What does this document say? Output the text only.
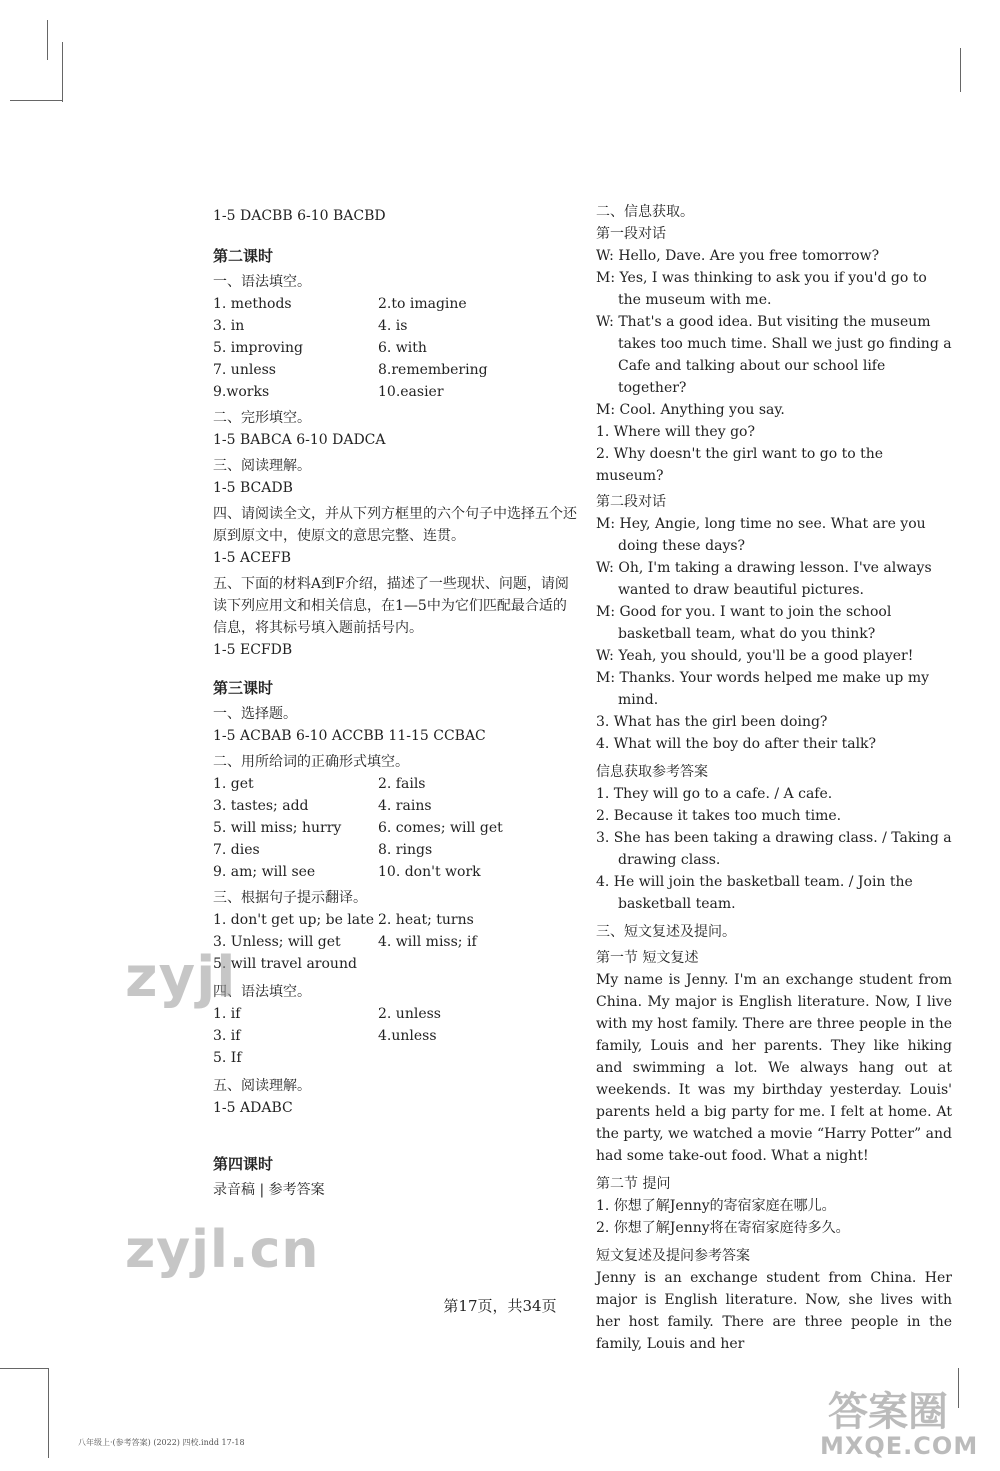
1-5 DACBB 6-10 BACBD

第二课时

一、语法填空。

1. methods	2.to imagine
3. in	4. is
5. improving	6. with
7. unless	8.remembering
9.works	10.easier

二、完形填空。

1-5 BABCA 6-10 DADCA

三、阅读理解。

1-5 BCADB

四、请阅读全文，并从下列方框里的六个句子中选择五个还原到原文中，使原文的意思完整、连贯。

1-5 ACEFB

五、下面的材料A到F介绍，描述了一些现状、问题，请阅读下列应用文和相关信息，在1—5中为它们匹配最合适的信息，将其标号填入题前括号内。

1-5 ECFDB

第三课时

一、选择题。

1-5 ACBAB 6-10 ACCBB 11-15 CCBAC

二、用所给词的正确形式填空。

1. get	2. fails
3. tastes; add	4. rains
5. will miss; hurry	6. comes; will get
7. dies	8. rings
9. am; will see	10. don't work

三、根据句子提示翻译。

1. don't get up; be late 2. heat; turns
3. Unless; will get	4. will miss; if
5. will travel around

四、语法填空。

1. if	2. unless
3. if	4.unless
5. If

五、阅读理解。

1-5 ADABC

第四课时

录音稿 | 参考答案

二、信息获取。

第一段对话

W: Hello, Dave. Are you free tomorrow?

M: Yes, I was thinking to ask you if you'd go to the museum with me.

W: That's a good idea. But visiting the museum takes too much time. Shall we just go finding a Cafe and talking about our school life together?

M: Cool. Anything you say.

1. Where will they go?

2. Why doesn't the girl want to go to the museum?

第二段对话

M: Hey, Angie, long time no see. What are you doing these days?

W: Oh, I'm taking a drawing lesson. I've always wanted to draw beautiful pictures.

M: Good for you. I want to join the school basketball team, what do you think?

W: Yeah, you should, you'll be a good player!

M: Thanks. Your words helped me make up my mind.

3. What has the girl been doing?

4. What will the boy do after their talk?

信息获取参考答案

1. They will go to a cafe. / A cafe.

2. Because it takes too much time.

3. She has been taking a drawing class. / Taking a drawing class.

4. He will join the basketball team. / Join the basketball team.

三、短文复述及提问。

第一节 短文复述

My name is Jenny. I'm an exchange student from China. My major is English literature. Now, I live with my host family. There are three people in the family, Louis and her parents. They like hiking and swimming a lot. We always hang out at weekends. It was my birthday yesterday. Louis' parents held a big party for me. I felt at home. At the party, we watched a movie “Harry Potter” and had some take-out food. What a night!

第二节 提问

1. 你想了解Jenny的寄宿家庭在哪儿。

2. 你想了解Jenny将在寄宿家庭待多久。

短文复述及提问参考答案

Jenny is an exchange student from China. Her major is English literature. Now, she lives with her host family. There are three people in the family, Louis and her

第17页，共34页
八年级上·(参考答案) (2022) 四校.indd 17-18
zyjl
zyjl.cn
答案圈
MXQE.COM
